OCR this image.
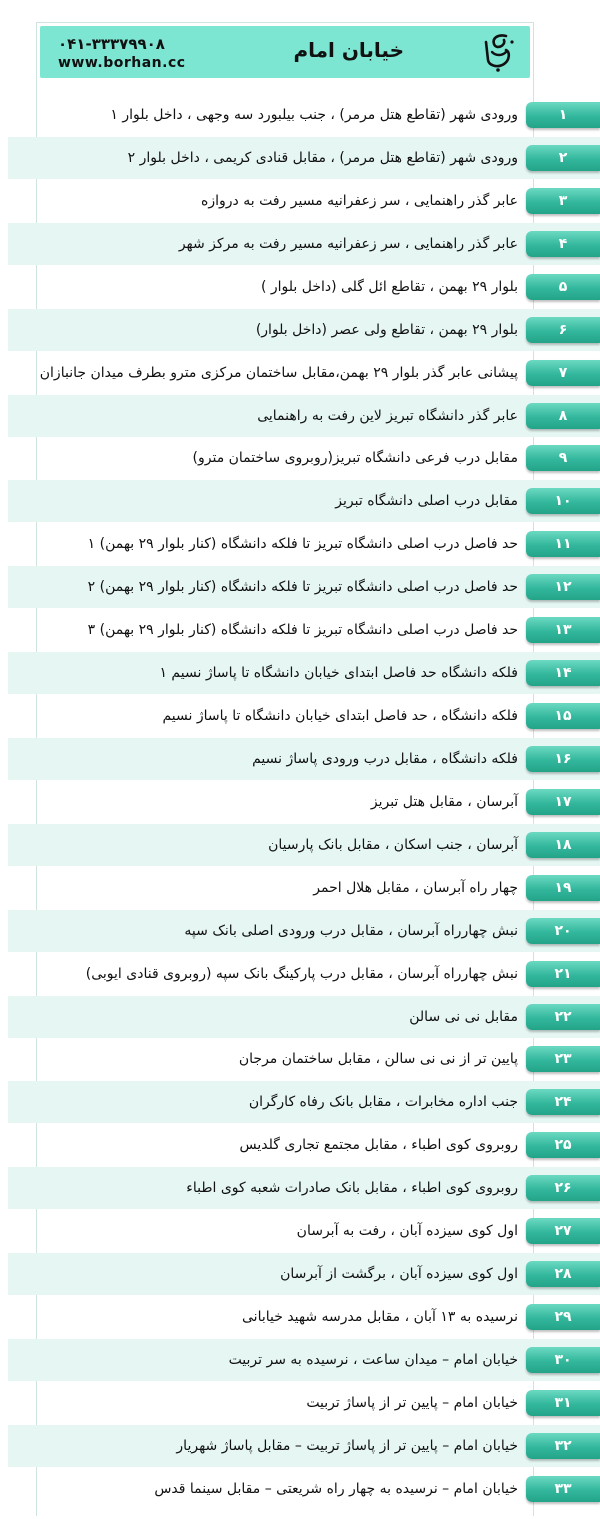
۰۴۱-۳۳۳۷۹۹۰۸
www.borhan.cc
خیابان امام
ورودی شهر (تقاطع هتل مرمر) ، جنب بیلبورد سه وجهی ، داخل بلوار ۱	۱
ورودی شهر (تقاطع هتل مرمر) ، مقابل قنادی کریمی ، داخل بلوار ۲	۲
عابر گذر راهنمایی ، سر زعفرانیه مسیر رفت به دروازه	۳
عابر گذر راهنمایی ، سر زعفرانیه مسیر رفت به مرکز شهر	۴
بلوار ۲۹ بهمن ، تقاطع ائل گلی (داخل بلوار )	۵
بلوار ۲۹ بهمن ، تقاطع ولی عصر (داخل بلوار)	۶
پیشانی عابر گذر بلوار ۲۹ بهمن،مقابل ساختمان مرکزی مترو بطرف میدان جانبازان	۷
عابر گذر دانشگاه تبریز لاین رفت به راهنمایی	۸
مقابل درب فرعی دانشگاه تبریز(روبروی ساختمان مترو)	۹
مقابل درب اصلی دانشگاه تبریز	۱۰
حد فاصل درب اصلی دانشگاه تبریز تا فلکه دانشگاه (کنار بلوار ۲۹ بهمن) ۱	۱۱
حد فاصل درب اصلی دانشگاه تبریز تا فلکه دانشگاه (کنار بلوار ۲۹ بهمن) ۲	۱۲
حد فاصل درب اصلی دانشگاه تبریز تا فلکه دانشگاه (کنار بلوار ۲۹ بهمن) ۳	۱۳
فلکه دانشگاه حد فاصل ابتدای خیابان دانشگاه تا پاساژ نسیم ۱	۱۴
فلکه دانشگاه ، حد فاصل ابتدای خیابان دانشگاه تا پاساژ نسیم	۱۵
فلکه دانشگاه ، مقابل درب ورودی پاساژ نسیم	۱۶
آبرسان ، مقابل هتل تبریز	۱۷
آبرسان ، جنب اسکان ، مقابل بانک پارسیان	۱۸
چهار راه آبرسان ، مقابل هلال احمر	۱۹
نبش چهارراه آبرسان ، مقابل درب ورودی اصلی بانک سپه	۲۰
نبش چهارراه آبرسان ، مقابل درب پارکینگ بانک سپه (روبروی قنادی ایوبی)	۲۱
مقابل نی نی سالن	۲۲
پایین تر از نی نی سالن ، مقابل ساختمان مرجان	۲۳
جنب اداره مخابرات ، مقابل بانک رفاه کارگران	۲۴
روبروی کوی اطباء ، مقابل مجتمع تجاری گلدیس	۲۵
روبروی کوی اطباء ، مقابل بانک صادرات شعبه کوی اطباء	۲۶
اول کوی سیزده آبان ، رفت به آبرسان	۲۷
اول کوی سیزده آبان ، برگشت از آبرسان	۲۸
نرسیده به ۱۳ آبان ، مقابل مدرسه شهید خیابانی	۲۹
خیابان امام – میدان ساعت ، نرسیده به سر تربیت	۳۰
خیابان امام – پایین تر از پاساژ تربیت	۳۱
خیابان امام – پایین تر از پاساژ تربیت – مقابل پاساژ شهریار	۳۲
خیابان امام – نرسیده به چهار راه شریعتی – مقابل سینما قدس	۳۳
